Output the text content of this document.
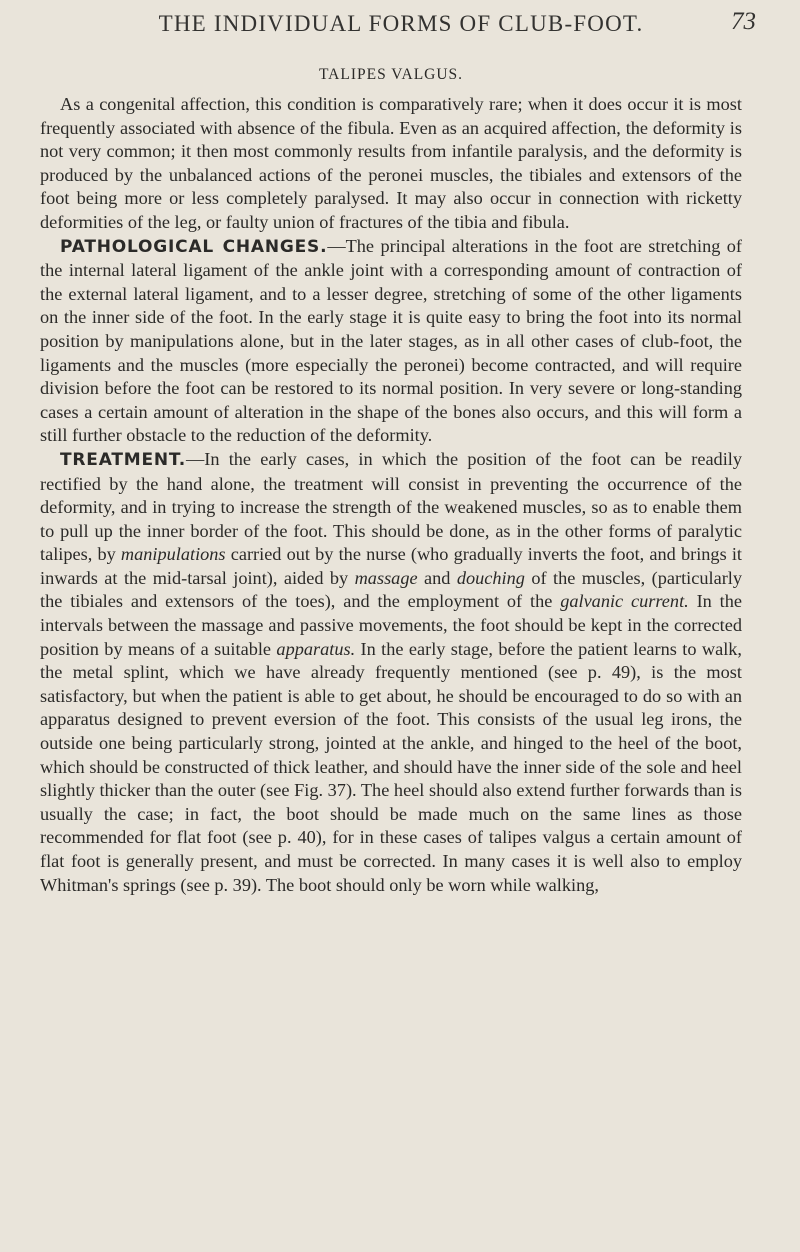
THE INDIVIDUAL FORMS OF CLUB-FOOT.	73
TALIPES VALGUS.

As a congenital affection, this condition is comparatively rare; when it does occur it is most frequently associated with absence of the fibula. Even as an acquired affection, the deformity is not very common; it then most commonly results from infantile paralysis, and the deformity is produced by the unbalanced actions of the peronei muscles, the tibiales and extensors of the foot being more or less completely paralysed. It may also occur in connection with ricketty deformities of the leg, or faulty union of fractures of the tibia and fibula.

PATHOLOGICAL CHANGES.—The principal alterations in the foot are stretching of the internal lateral ligament of the ankle joint with a corresponding amount of contraction of the external lateral ligament, and to a lesser degree, stretching of some of the other ligaments on the inner side of the foot. In the early stage it is quite easy to bring the foot into its normal position by manipulations alone, but in the later stages, as in all other cases of club-foot, the ligaments and the muscles (more especially the peronei) become contracted, and will require division before the foot can be restored to its normal position. In very severe or long-standing cases a certain amount of alteration in the shape of the bones also occurs, and this will form a still further obstacle to the reduction of the deformity.

TREATMENT.—In the early cases, in which the position of the foot can be readily rectified by the hand alone, the treatment will consist in preventing the occurrence of the deformity, and in trying to increase the strength of the weakened muscles, so as to enable them to pull up the inner border of the foot. This should be done, as in the other forms of paralytic talipes, by manipulations carried out by the nurse (who gradually inverts the foot, and brings it inwards at the mid-tarsal joint), aided by massage and douching of the muscles, (particularly the tibiales and extensors of the toes), and the employment of the galvanic current. In the intervals between the massage and passive movements, the foot should be kept in the corrected position by means of a suitable apparatus. In the early stage, before the patient learns to walk, the metal splint, which we have already frequently mentioned (see p. 49), is the most satisfactory, but when the patient is able to get about, he should be encouraged to do so with an apparatus designed to prevent eversion of the foot. This consists of the usual leg irons, the outside one being particularly strong, jointed at the ankle, and hinged to the heel of the boot, which should be constructed of thick leather, and should have the inner side of the sole and heel slightly thicker than the outer (see Fig. 37). The heel should also extend further forwards than is usually the case; in fact, the boot should be made much on the same lines as those recommended for flat foot (see p. 40), for in these cases of talipes valgus a certain amount of flat foot is generally present, and must be corrected. In many cases it is well also to employ Whitman's springs (see p. 39). The boot should only be worn while walking,
